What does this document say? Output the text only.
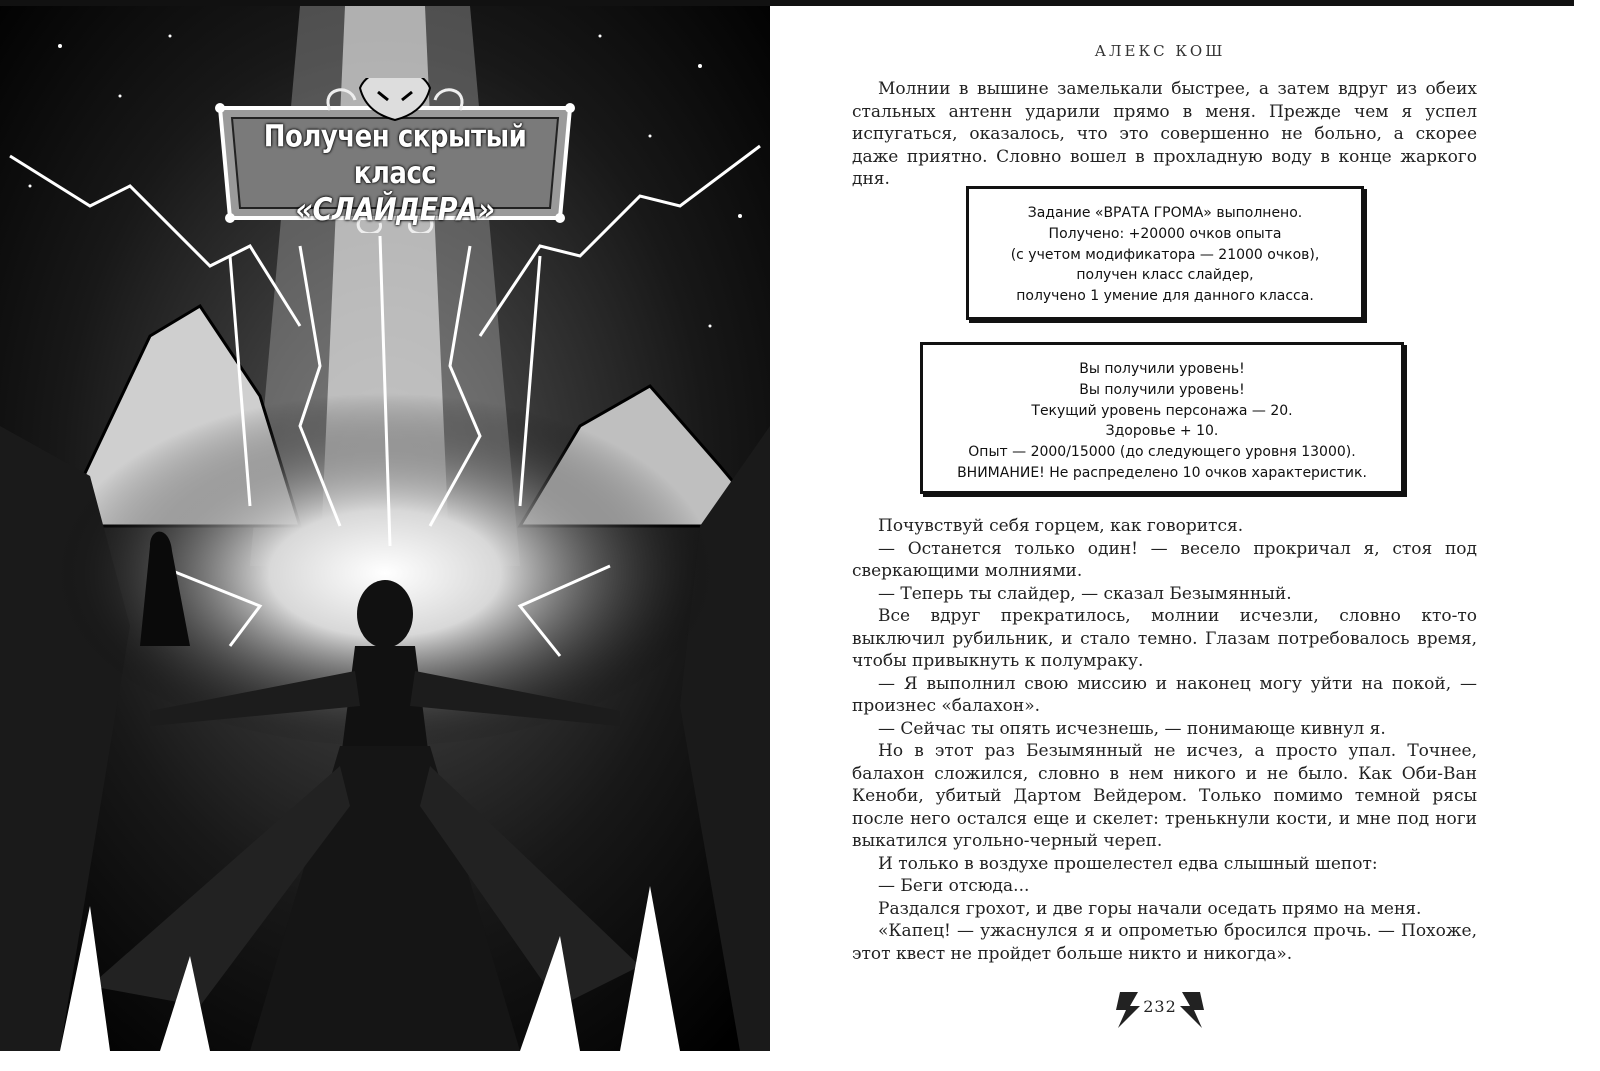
Получен скрытый класс
«СЛАЙДЕРА»
АЛЕКС КОШ

Молнии в вышине замелькали быстрее, а затем вдруг из обеих стальных антенн ударили прямо в меня. Прежде чем я успел испугаться, оказалось, что это совершенно не больно, а скорее даже приятно. Словно вошел в прохладную воду в конце жаркого дня.

Задание «ВРАТА ГРОМА» выполнено.
Получено: +20000 очков опыта
(с учетом модификатора — 21000 очков),
получен класс слайдер,
получено 1 умение для данного класса.
Вы получили уровень!
Вы получили уровень!
Текущий уровень персонажа — 20.
Здоровье + 10.
Опыт — 2000/15000 (до следующего уровня 13000).
ВНИМАНИЕ! Не распределено 10 очков характеристик.

Почувствуй себя горцем, как говорится.

— Останется только один! — весело прокричал я, стоя под сверкающими молниями.

— Теперь ты слайдер, — сказал Безымянный.

Все вдруг прекратилось, молнии исчезли, словно кто-то выключил рубильник, и стало темно. Глазам потребовалось время, чтобы привыкнуть к полумраку.

— Я выполнил свою миссию и наконец могу уйти на покой, — произнес «балахон».

— Сейчас ты опять исчезнешь, — понимающе кивнул я.

Но в этот раз Безымянный не исчез, а просто упал. Точнее, балахон сложился, словно в нем никого и не было. Как Оби-Ван Кеноби, убитый Дартом Вейдером. Только помимо темной рясы после него остался еще и скелет: тренькнули кости, и мне под ноги выкатился угольно-черный череп.

И только в воздухе прошелестел едва слышный шепот:

— Беги отсюда...

Раздался грохот, и две горы начали оседать прямо на меня.

«Капец! — ужаснулся я и опрометью бросился прочь. — Похоже, этот квест не пройдет больше никто и никогда».

232
